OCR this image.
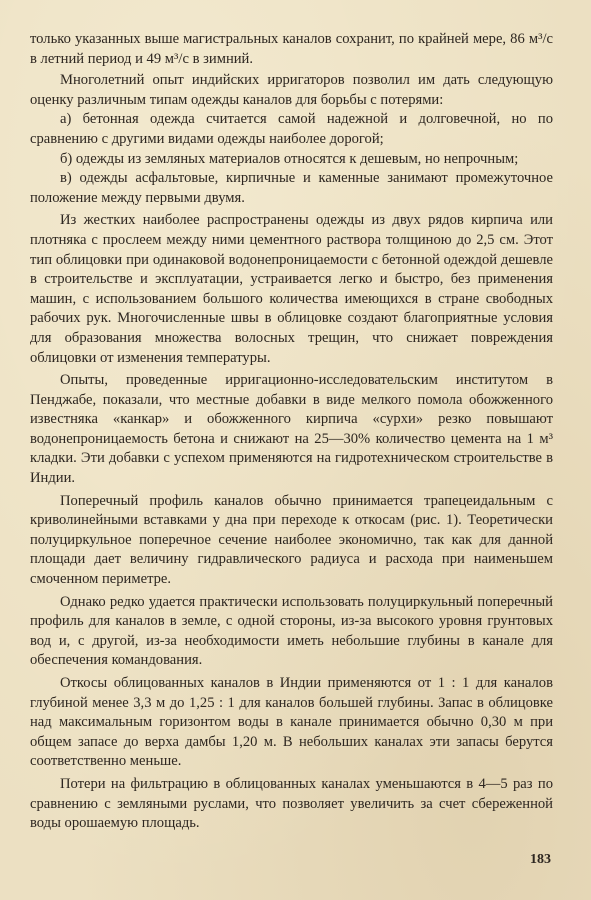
только указанных выше магистральных каналов сохранит, по крайней мере, 86 м³/с в летний период и 49 м³/с в зимний.

Многолетний опыт индийских ирригаторов позволил им дать следующую оценку различным типам одежды каналов для борьбы с потерями:

а) бетонная одежда считается самой надежной и долговечной, но по сравнению с другими видами одежды наиболее дорогой;

б) одежды из земляных материалов относятся к дешевым, но непрочным;

в) одежды асфальтовые, кирпичные и каменные занимают промежуточное положение между первыми двумя.

Из жестких наиболее распространены одежды из двух рядов кирпича или плотняка с прослеем между ними цементного раствора толщиною до 2,5 см. Этот тип облицовки при одинаковой водонепроницаемости с бетонной одеждой дешевле в строительстве и эксплуатации, устраивается легко и быстро, без применения машин, с использованием большого количества имеющихся в стране свободных рабочих рук. Многочисленные швы в облицовке создают благоприятные условия для образования множества волосных трещин, что снижает повреждения облицовки от изменения температуры.

Опыты, проведенные ирригационно-исследовательским институтом в Пенджабе, показали, что местные добавки в виде мелкого помола обожженного известняка «канкар» и обожженного кирпича «сурхи» резко повышают водонепроницаемость бетона и снижают на 25—30% количество цемента на 1 м³ кладки. Эти добавки с успехом применяются на гидротехническом строительстве в Индии.

Поперечный профиль каналов обычно принимается трапецеидальным с криволинейными вставками у дна при переходе к откосам (рис. 1). Теоретически полуциркульное поперечное сечение наиболее экономично, так как для данной площади дает величину гидравлического радиуса и расхода при наименьшем смоченном периметре.

Однако редко удается практически использовать полуциркульный поперечный профиль для каналов в земле, с одной стороны, из-за высокого уровня грунтовых вод и, с другой, из-за необходимости иметь небольшие глубины в канале для обеспечения командования.

Откосы облицованных каналов в Индии применяются от 1 : 1 для каналов глубиной менее 3,3 м до 1,25 : 1 для каналов большей глубины. Запас в облицовке над максимальным горизонтом воды в канале принимается обычно 0,30 м при общем запасе до верха дамбы 1,20 м. В небольших каналах эти запасы берутся соответственно меньше.

Потери на фильтрацию в облицованных каналах уменьшаются в 4—5 раз по сравнению с земляными руслами, что позволяет увеличить за счет сбереженной воды орошаемую площадь.

183
